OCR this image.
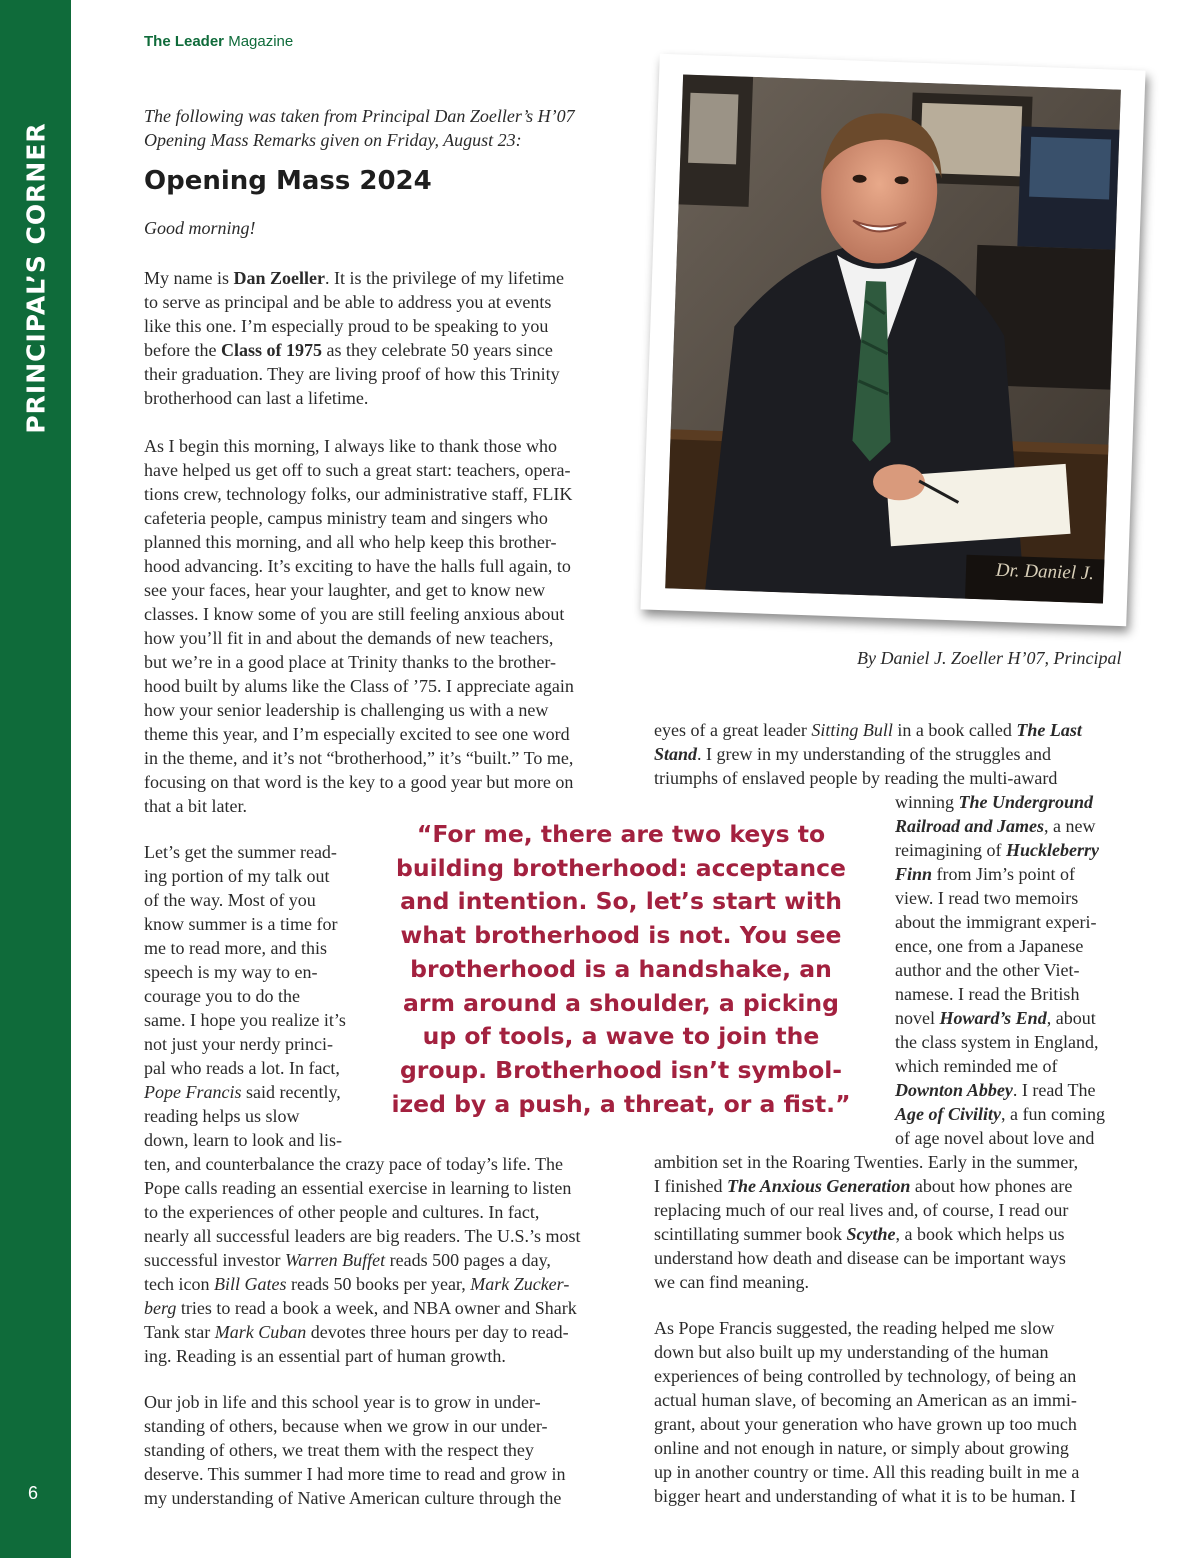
PRINCIPAL’S CORNER
6
The Leader Magazine
The following was taken from Principal Dan Zoeller’s H’07
Opening Mass Remarks given on Friday, August 23:
Opening Mass 2024
Good morning!

My name is Dan Zoeller. It is the privilege of my lifetime

to serve as principal and be able to address you at events

like this one. I’m especially proud to be speaking to you

before the Class of 1975 as they celebrate 50 years since

their graduation. They are living proof of how this Trinity

brotherhood can last a lifetime.

As I begin this morning, I always like to thank those who

have helped us get off to such a great start: teachers, opera-

tions crew, technology folks, our administrative staff, FLIK

cafeteria people, campus ministry team and singers who

planned this morning, and all who help keep this brother-

hood advancing. It’s exciting to have the halls full again, to

see your faces, hear your laughter, and get to know new

classes. I know some of you are still feeling anxious about

how you’ll fit in and about the demands of new teachers,

but we’re in a good place at Trinity thanks to the brother-

hood built by alums like the Class of ’75. I appreciate again

how your senior leadership is challenging us with a new

theme this year, and I’m especially excited to see one word

in the theme, and it’s not “brotherhood,” it’s “built.” To me,

focusing on that word is the key to a good year but more on

that a bit later.

Let’s get the summer read-

ing portion of my talk out

of the way. Most of you

know summer is a time for

me to read more, and this

speech is my way to en-

courage you to do the

same. I hope you realize it’s

not just your nerdy princi-

pal who reads a lot. In fact,

Pope Francis said recently,

reading helps us slow

down, learn to look and lis-

ten, and counterbalance the crazy pace of today’s life. The

Pope calls reading an essential exercise in learning to listen

to the experiences of other people and cultures. In fact,

nearly all successful leaders are big readers. The U.S.’s most

successful investor Warren Buffet reads 500 pages a day,

tech icon Bill Gates reads 50 books per year, Mark Zucker-

berg tries to read a book a week, and NBA owner and Shark

Tank star Mark Cuban devotes three hours per day to read-

ing. Reading is an essential part of human growth.

Our job in life and this school year is to grow in under-

standing of others, because when we grow in our under-

standing of others, we treat them with the respect they

deserve. This summer I had more time to read and grow in

my understanding of Native American culture through the

Dr. Daniel J.
By Daniel J. Zoeller H’07, Principal

eyes of a great leader Sitting Bull in a book called The Last

Stand. I grew in my understanding of the struggles and

triumphs of enslaved people by reading the multi-award

winning The Underground

Railroad and James, a new

reimagining of Huckleberry

Finn from Jim’s point of

view. I read two memoirs

about the immigrant experi-

ence, one from a Japanese

author and the other Viet-

namese. I read the British

novel Howard’s End, about

the class system in England,

which reminded me of

Downton Abbey. I read The

Age of Civility, a fun coming

of age novel about love and

ambition set in the Roaring Twenties. Early in the summer,

I finished The Anxious Generation about how phones are

replacing much of our real lives and, of course, I read our

scintillating summer book Scythe, a book which helps us

understand how death and disease can be important ways

we can find meaning.

As Pope Francis suggested, the reading helped me slow

down but also built up my understanding of the human

experiences of being controlled by technology, of being an

actual human slave, of becoming an American as an immi-

grant, about your generation who have grown up too much

online and not enough in nature, or simply about growing

up in another country or time. All this reading built in me a

bigger heart and understanding of what it is to be human. I

“For me, there are two keys to
building brotherhood: acceptance
and intention. So, let’s start with
what brotherhood is not. You see
brotherhood is a handshake, an
arm around a shoulder, a picking
up of tools, a wave to join the
group. Brotherhood isn’t symbol-
ized by a push, a threat, or a fist.”
